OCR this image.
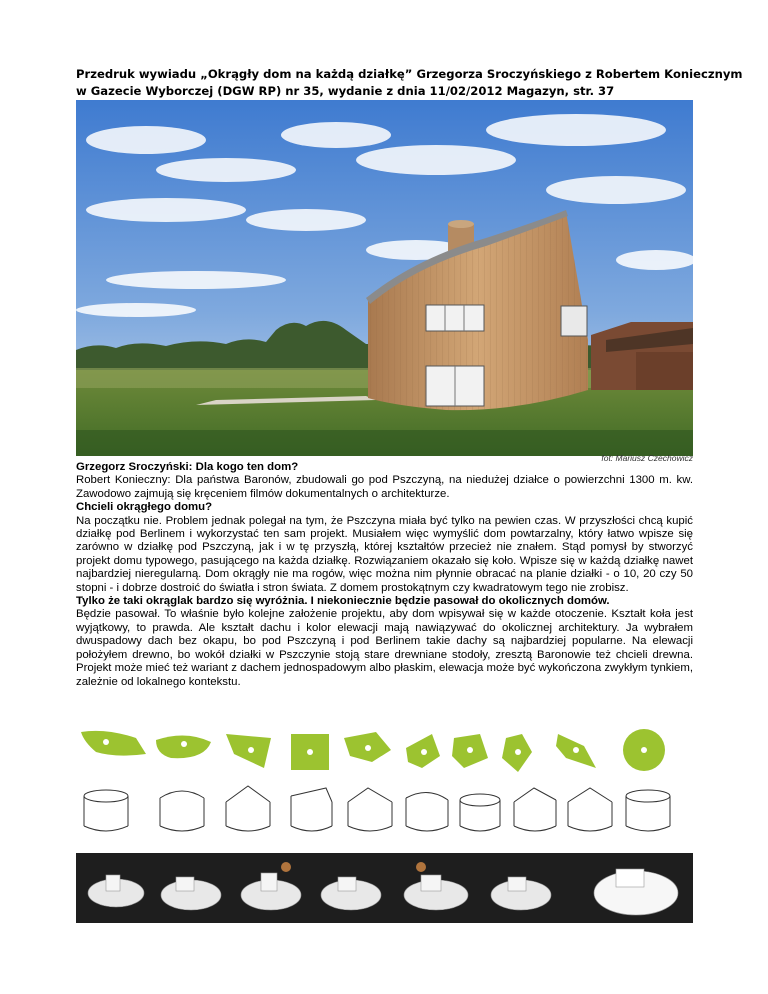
Przedruk wywiadu „Okrągły dom na każdą działkę” Grzegorza Sroczyńskiego z Robertem Koniecznym
w Gazecie Wyborczej (DGW RP) nr 35, wydanie z dnia 11/02/2012 Magazyn, str. 37
fot: Mariusz Czechowicz

Grzegorz Sroczyński: Dla kogo ten dom?

Robert Konieczny: Dla państwa Baronów, zbudowali go pod Pszczyną, na niedużej działce o powierzchni 1300 m. kw. Zawodowo zajmują się kręceniem filmów dokumentalnych o architekturze.

Chcieli okrągłego domu?

Na początku nie. Problem jednak polegał na tym, że Pszczyna miała być tylko na pewien czas. W przyszłości chcą kupić działkę pod Berlinem i wykorzystać ten sam projekt. Musiałem więc wymyślić dom powtarzalny, który łatwo wpisze się zarówno w działkę pod Pszczyną, jak i w tę przyszłą, której kształtów przecież nie znałem. Stąd pomysł by stworzyć projekt domu typowego, pasującego na każda działkę. Rozwiązaniem okazało się koło. Wpisze się w każdą działkę nawet najbardziej nieregularną. Dom okrągły nie ma rogów, więc można nim płynnie obracać na planie działki - o 10, 20 czy 50 stopni - i dobrze dostroić do światła i stron świata. Z domem prostokątnym czy kwadratowym tego nie zrobisz.

Tylko że taki okrąglak bardzo się wyróżnia. I niekoniecznie będzie pasował do okolicznych domów.

Będzie pasował. To właśnie było kolejne założenie projektu, aby dom wpisywał się w każde otoczenie. Kształt koła jest wyjątkowy, to prawda. Ale kształt dachu i kolor elewacji mają nawiązywać do okolicznej architektury. Ja wybrałem dwuspadowy dach bez okapu, bo pod Pszczyną i pod Berlinem takie dachy są najbardziej popularne. Na elewacji położyłem drewno, bo wokół działki w Pszczynie stoją stare drewniane stodoły, zresztą Baronowie też chcieli drewna. Projekt może mieć też wariant z dachem jednospadowym albo płaskim, elewacja może być wykończona zwykłym tynkiem, zależnie od lokalnego kontekstu.
